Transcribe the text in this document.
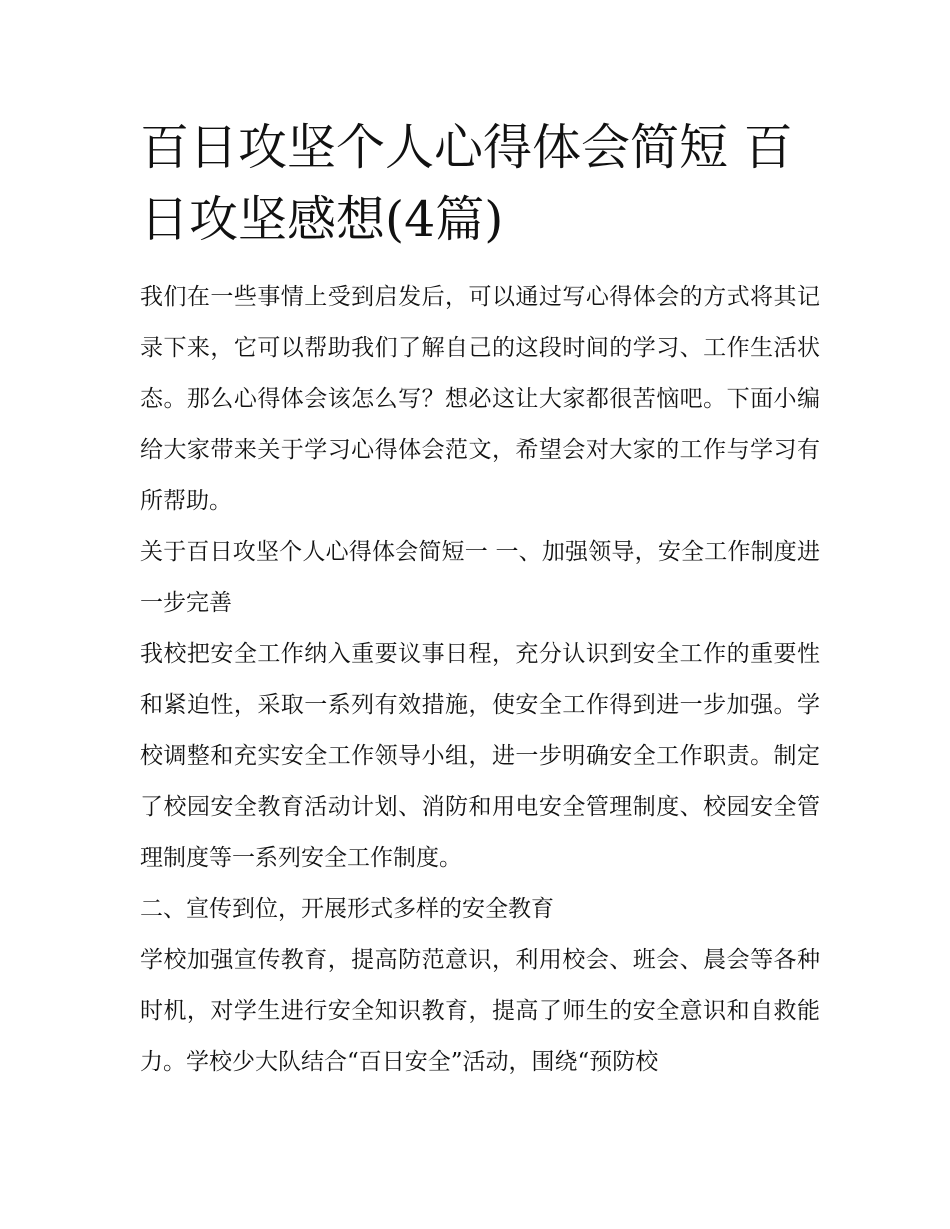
百日攻坚个人心得体会简短 百日攻坚感想(4篇)

我们在一些事情上受到启发后，可以通过写心得体会的方式将其记录下来，它可以帮助我们了解自己的这段时间的学习、工作生活状态。那么心得体会该怎么写？想必这让大家都很苦恼吧。下面小编给大家带来关于学习心得体会范文，希望会对大家的工作与学习有所帮助。

关于百日攻坚个人心得体会简短一 一、加强领导，安全工作制度进一步完善

我校把安全工作纳入重要议事日程，充分认识到安全工作的重要性和紧迫性，采取一系列有效措施，使安全工作得到进一步加强。学校调整和充实安全工作领导小组，进一步明确安全工作职责。制定了校园安全教育活动计划、消防和用电安全管理制度、校园安全管理制度等一系列安全工作制度。

二、宣传到位，开展形式多样的安全教育

学校加强宣传教育，提高防范意识，利用校会、班会、晨会等各种时机，对学生进行安全知识教育，提高了师生的安全意识和自救能力。学校少大队结合“百日安全”活动，围绕“预防校
